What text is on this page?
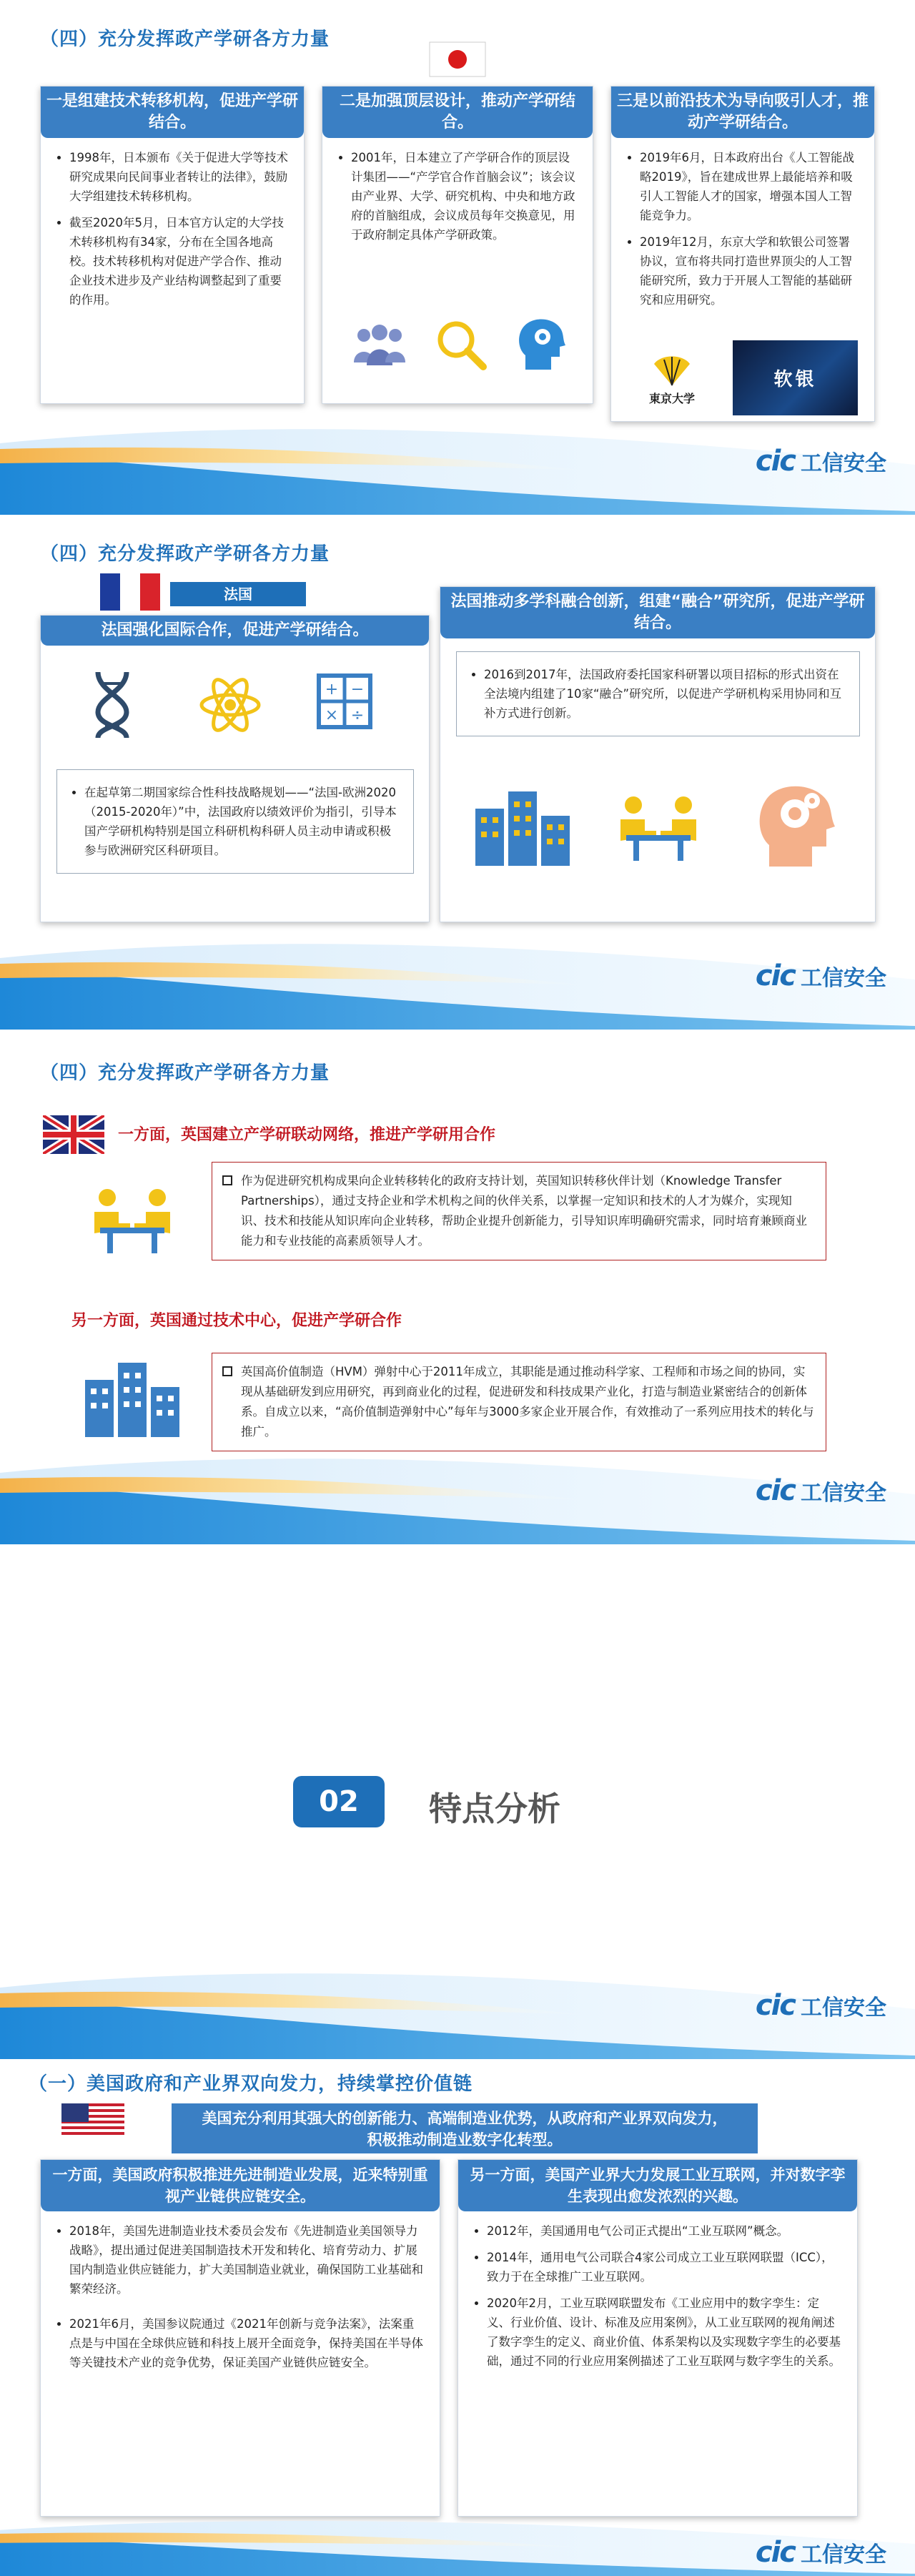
（四）充分发挥政产学研各方力量
一是组建技术转移机构，促进产学研结合。
• 1998年，日本颁布《关于促进大学等技术研究成果向民间事业者转让的法律》，鼓励大学组建技术转移机构。
• 截至2020年5月，日本官方认定的大学技术转移机构有34家，分布在全国各地高校。技术转移机构对促进产学合作、推动企业技术进步及产业结构调整起到了重要的作用。
二是加强顶层设计，推动产学研结合。
• 2001年，日本建立了产学研合作的顶层设计集团——“产学官合作首脑会议”；该会议由产业界、大学、研究机构、中央和地方政府的首脑组成，会议成员每年交换意见，用于政府制定具体产学研政策。
三是以前沿技术为导向吸引人才，推动产学研结合。
• 2019年6月，日本政府出台《人工智能战略2019》，旨在建成世界上最能培养和吸引人工智能人才的国家，增强本国人工智能竞争力。
• 2019年12月，东京大学和软银公司签署协议，宣布将共同打造世界顶尖的人工智能研究所，致力于开展人工智能的基础研究和应用研究。
東京大学
软银
cic 工信安全
（四）充分发挥政产学研各方力量
法国
法国强化国际合作，促进产学研结合。
+ −
× ÷
• 在起草第二期国家综合性科技战略规划——“法国-欧洲2020（2015-2020年）”中，法国政府以绩效评价为指引，引导本国产学研机构特别是国立科研机构科研人员主动申请或积极参与欧洲研究区科研项目。
法国推动多学科融合创新，组建“融合”研究所，促进产学研结合。
• 2016到2017年，法国政府委托国家科研署以项目招标的形式出资在全法境内组建了10家“融合”研究所，以促进产学研机构采用协同和互补方式进行创新。
cic 工信安全
（四）充分发挥政产学研各方力量
一方面，英国建立产学研联动网络，推进产学研用合作
作为促进研究机构成果向企业转移转化的政府支持计划，英国知识转移伙伴计划（Knowledge Transfer Partnerships），通过支持企业和学术机构之间的伙伴关系，以掌握一定知识和技术的人才为媒介，实现知识、技术和技能从知识库向企业转移，帮助企业提升创新能力，引导知识库明确研究需求，同时培育兼顾商业能力和专业技能的高素质领导人才。
另一方面，英国通过技术中心，促进产学研合作
英国高价值制造（HVM）弹射中心于2011年成立，其职能是通过推动科学家、工程师和市场之间的协同，实现从基础研发到应用研究，再到商业化的过程，促进研发和科技成果产业化，打造与制造业紧密结合的创新体系。自成立以来，“高价值制造弹射中心”每年与3000多家企业开展合作，有效推动了一系列应用技术的转化与推广。
cic 工信安全
02 特点分析
cic 工信安全
（一）美国政府和产业界双向发力，持续掌控价值链
美国充分利用其强大的创新能力、高端制造业优势，从政府和产业界双向发力，积极推动制造业数字化转型。
一方面，美国政府积极推进先进制造业发展，近来特别重视产业链供应链安全。
• 2018年，美国先进制造业技术委员会发布《先进制造业美国领导力战略》，提出通过促进美国制造技术开发和转化、培育劳动力、扩展国内制造业供应链能力，扩大美国制造业就业，确保国防工业基础和繁荣经济。
• 2021年6月，美国参议院通过《2021年创新与竞争法案》，法案重点是与中国在全球供应链和科技上展开全面竞争，保持美国在半导体等关键技术产业的竞争优势，保证美国产业链供应链安全。
另一方面，美国产业界大力发展工业互联网，并对数字孪生表现出愈发浓烈的兴趣。
• 2012年，美国通用电气公司正式提出“工业互联网”概念。
• 2014年，通用电气公司联合4家公司成立工业互联网联盟（ICC），致力于在全球推广工业互联网。
• 2020年2月，工业互联网联盟发布《工业应用中的数字孪生：定义、行业价值、设计、标准及应用案例》，从工业互联网的视角阐述了数字孪生的定义、商业价值、体系架构以及实现数字孪生的必要基础，通过不同的行业应用案例描述了工业互联网与数字孪生的关系。
cic 工信安全
